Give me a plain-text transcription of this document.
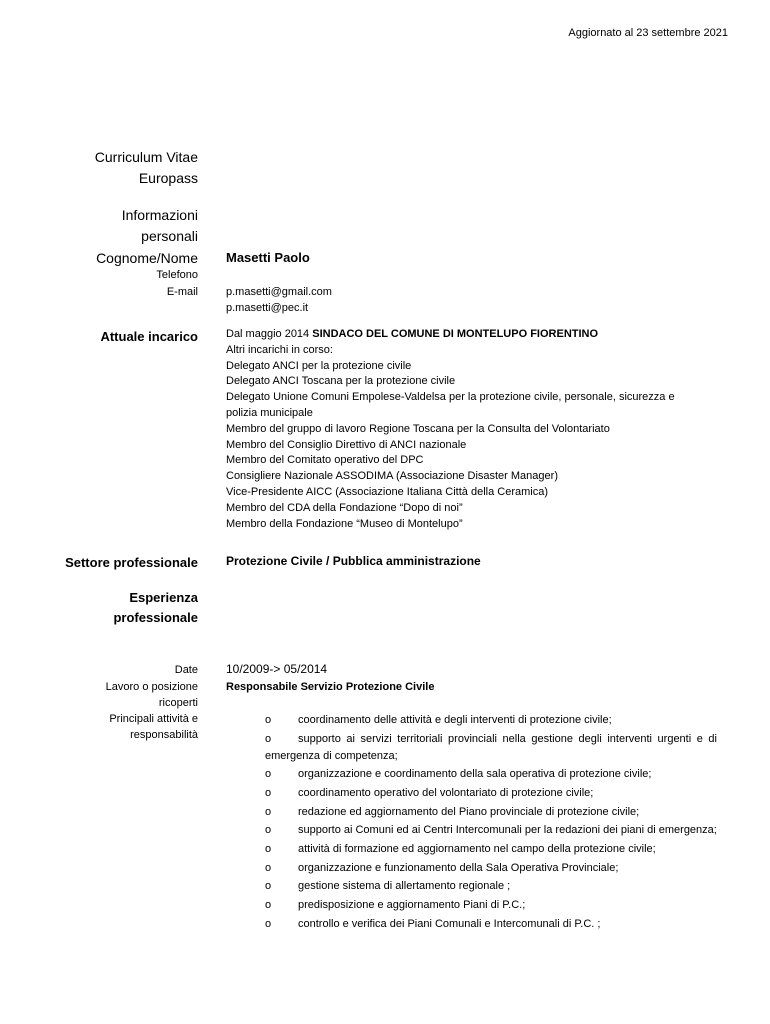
Aggiornato al 23 settembre 2021
Curriculum Vitae
Europass
Informazioni
personali
Cognome/Nome Masetti Paolo
Telefono
E-mail	p.masetti@gmail.com
p.masetti@pec.it
Attuale incarico	Dal maggio 2014 SINDACO DEL COMUNE DI MONTELUPO FIORENTINO
Altri incarichi in corso:
Delegato ANCI per la protezione civile
Delegato ANCI Toscana per la protezione civile
Delegato Unione Comuni Empolese-Valdelsa per la protezione civile, personale, sicurezza e
polizia municipale
Membro del gruppo di lavoro Regione Toscana per la Consulta del Volontariato
Membro del Consiglio Direttivo di ANCI nazionale
Membro del Comitato operativo del DPC
Consigliere Nazionale ASSODIMA (Associazione Disaster Manager)
Vice-Presidente AICC (Associazione Italiana Città della Ceramica)
Membro del CDA della Fondazione “Dopo di noi”
Membro della Fondazione “Museo di Montelupo”
Settore professionale Protezione Civile / Pubblica amministrazione
Esperienza
professionale
Date 10/2009-> 05/2014
Lavoro o posizione
ricoperti
Responsabile Servizio Protezione Civile
Principali attività e
responsabilità
o coordinamento delle attività e degli interventi di protezione civile;
o supporto ai servizi territoriali provinciali nella gestione degli interventi urgenti e di emergenza di competenza;
o organizzazione e coordinamento della sala operativa di protezione civile;
o coordinamento operativo del volontariato di protezione civile;
o redazione ed aggiornamento del Piano provinciale di protezione civile;
o supporto ai Comuni ed ai Centri Intercomunali per la redazioni dei piani di emergenza;
o attività di formazione ed aggiornamento nel campo della protezione civile;
o organizzazione e funzionamento della Sala Operativa Provinciale;
o gestione sistema di allertamento regionale ;
o predisposizione e aggiornamento Piani di P.C.;
o controllo e verifica dei Piani Comunali e Intercomunali di P.C. ;
